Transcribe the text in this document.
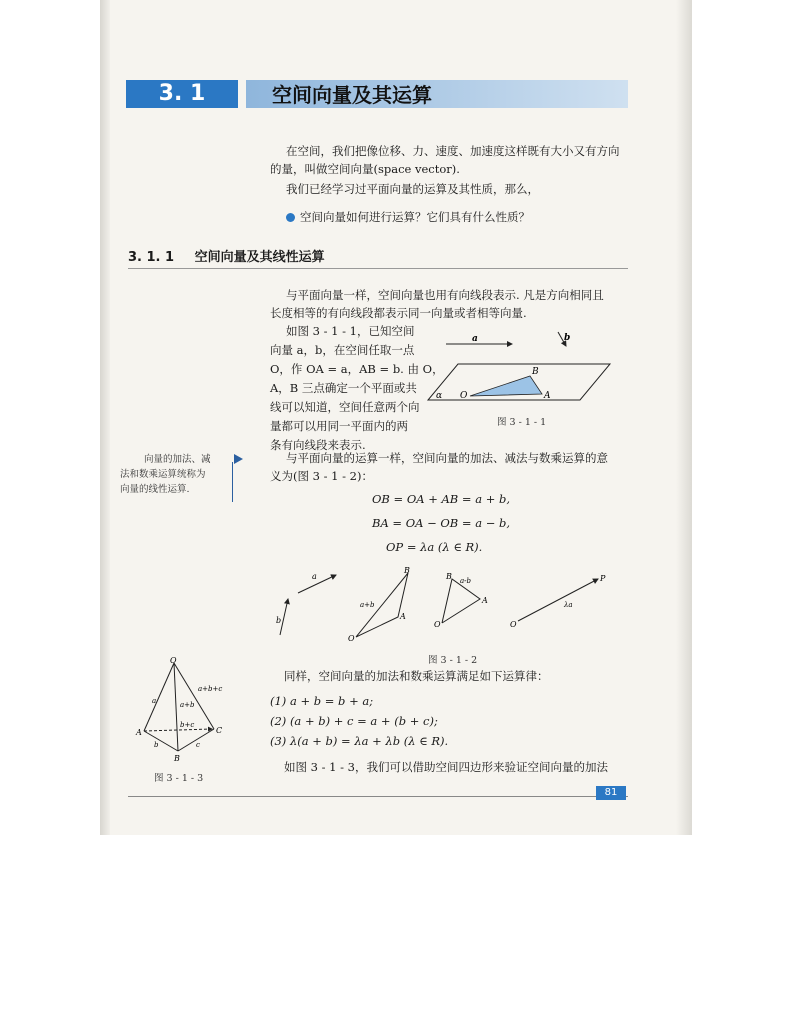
3. 1	空间向量及其运算
在空间，我们把像位移、力、速度、加速度这样既有大小又有方向
的量，叫做空间向量(space vector).
我们已经学习过平面向量的运算及其性质，那么，
空间向量如何进行运算？它们具有什么性质？
3. 1. 1 空间向量及其线性运算
与平面向量一样，空间向量也用有向线段表示. 凡是方向相同且
长度相等的有向线段都表示同一向量或者相等向量.
如图 3 - 1 - 1，已知空间
向量 a，b，在空间任取一点
O，作 OA = a，AB = b. 由 O，
A，B 三点确定一个平面或共
线可以知道，空间任意两个向
量都可以用同一平面内的两
条有向线段来表示.
a	b
O
B
A
α
图 3 - 1 - 1
向量的加法、减
法和数乘运算统称为
向量的线性运算.
与平面向量的运算一样，空间向量的加法、减法与数乘运算的意
义为(图 3 - 1 - 2)：
OB = OA + AB = a + b,
BA = OA − OB = a − b,
OP = λa (λ ∈ R).
a
b
O
A
B
a+b
O
B
A
a-b
O
P
λa
图 3 - 1 - 2
O
A
B
C
a	a+b
a+b+c
b+c
b	c
图 3 - 1 - 3
同样，空间向量的加法和数乘运算满足如下运算律：
(1) a + b = b + a;
(2) (a + b) + c = a + (b + c);
(3) λ(a + b) = λa + λb (λ ∈ R).
如图 3 - 1 - 3，我们可以借助空间四边形来验证空间向量的加法
81
